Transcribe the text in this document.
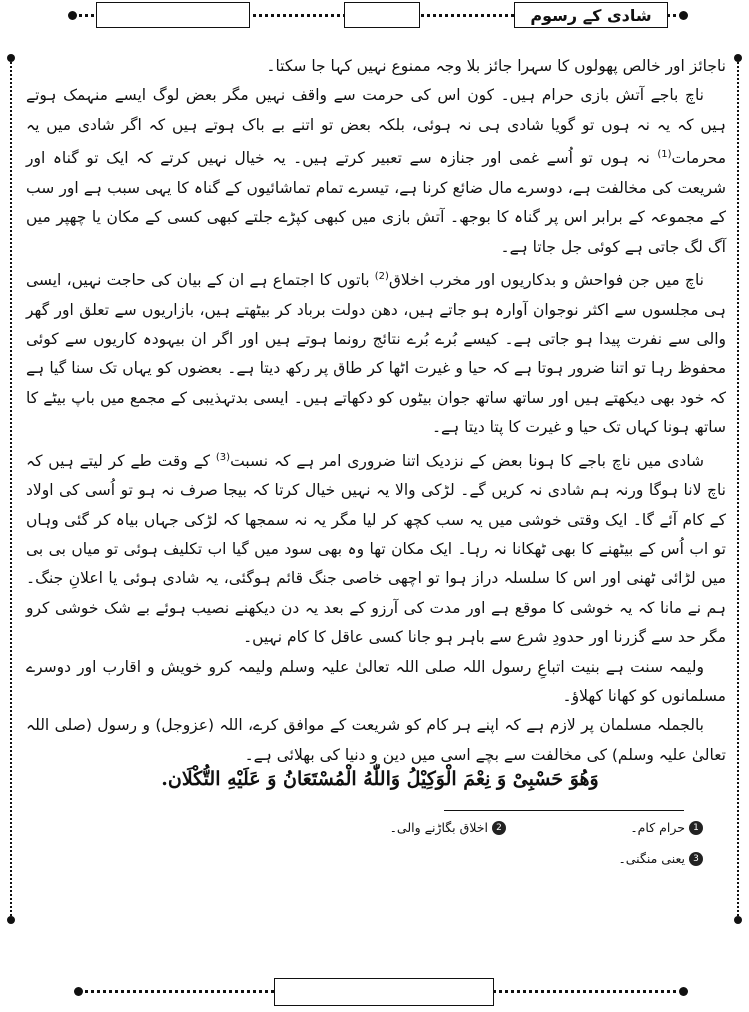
شادی کے رسوم

ناجائز اور خالص پھولوں کا سہرا جائز بلا وجہ ممنوع نہیں کہا جا سکتا۔

ناچ باجے آتش بازی حرام ہیں۔ کون اس کی حرمت سے واقف نہیں مگر بعض لوگ ایسے منہمک ہوتے ہیں کہ یہ نہ ہوں تو گویا شادی ہی نہ ہوئی، بلکہ بعض تو اتنے بے باک ہوتے ہیں کہ اگر شادی میں یہ محرمات$^{(1)}$ نہ ہوں تو اُسے غمی اور جنازہ سے تعبیر کرتے ہیں۔ یہ خیال نہیں کرتے کہ ایک تو گناہ اور شریعت کی مخالفت ہے، دوسرے مال ضائع کرنا ہے، تیسرے تمام تماشائیوں کے گناہ کا یہی سبب ہے اور سب کے مجموعہ کے برابر اس پر گناہ کا بوجھ۔ آتش بازی میں کبھی کپڑے جلتے کبھی کسی کے مکان یا چھپر میں آگ لگ جاتی ہے کوئی جل جاتا ہے۔

ناچ میں جن فواحش و بدکاریوں اور مخرب اخلاق$^{(2)}$ باتوں کا اجتماع ہے ان کے بیان کی حاجت نہیں، ایسی ہی مجلسوں سے اکثر نوجوان آوارہ ہو جاتے ہیں، دھن دولت برباد کر بیٹھتے ہیں، بازاریوں سے تعلق اور گھر والی سے نفرت پیدا ہو جاتی ہے۔ کیسے بُرے بُرے نتائج رونما ہوتے ہیں اور اگر ان بیہودہ کاریوں سے کوئی محفوظ رہا تو اتنا ضرور ہوتا ہے کہ حیا و غیرت اٹھا کر طاق پر رکھ دیتا ہے۔ بعضوں کو یہاں تک سنا گیا ہے کہ خود بھی دیکھتے ہیں اور ساتھ ساتھ جوان بیٹوں کو دکھاتے ہیں۔ ایسی بدتہذیبی کے مجمع میں باپ بیٹے کا ساتھ ہونا کہاں تک حیا و غیرت کا پتا دیتا ہے۔

شادی میں ناچ باجے کا ہونا بعض کے نزدیک اتنا ضروری امر ہے کہ نسبت$^{(3)}$ کے وقت طے کر لیتے ہیں کہ ناچ لانا ہوگا ورنہ ہم شادی نہ کریں گے۔ لڑکی والا یہ نہیں خیال کرتا کہ بیجا صرف نہ ہو تو اُسی کی اولاد کے کام آئے گا۔ ایک وقتی خوشی میں یہ سب کچھ کر لیا مگر یہ نہ سمجھا کہ لڑکی جہاں بیاہ کر گئی وہاں تو اب اُس کے بیٹھنے کا بھی ٹھکانا نہ رہا۔ ایک مکان تھا وہ بھی سود میں گیا اب تکلیف ہوئی تو میاں بی بی میں لڑائی ٹھنی اور اس کا سلسلہ دراز ہوا تو اچھی خاصی جنگ قائم ہوگئی، یہ شادی ہوئی یا اعلانِ جنگ۔ ہم نے مانا کہ یہ خوشی کا موقع ہے اور مدت کی آرزو کے بعد یہ دن دیکھنے نصیب ہوئے بے شک خوشی کرو مگر حد سے گزرنا اور حدودِ شرع سے باہر ہو جانا کسی عاقل کا کام نہیں۔

ولیمہ سنت ہے بنیت اتباعِ رسول اللہ صلی اللہ تعالیٰ علیہ وسلم ولیمہ کرو خویش و اقارب اور دوسرے مسلمانوں کو کھانا کھلاؤ۔

بالجملہ مسلمان پر لازم ہے کہ اپنے ہر کام کو شریعت کے موافق کرے، اللہ (عزوجل) و رسول (صلی اللہ تعالیٰ علیہ وسلم) کی مخالفت سے بچے اسی میں دین و دنیا کی بھلائی ہے۔

وَهُوَ حَسْبِیْ وَ نِعْمَ الْوَكِیْلُ وَاللّٰهُ الْمُسْتَعَانُ وَ عَلَیْهِ التُّكْلَان.
1
حرام کام۔
2
اخلاق بگاڑنے والی۔
3
یعنی منگنی۔
